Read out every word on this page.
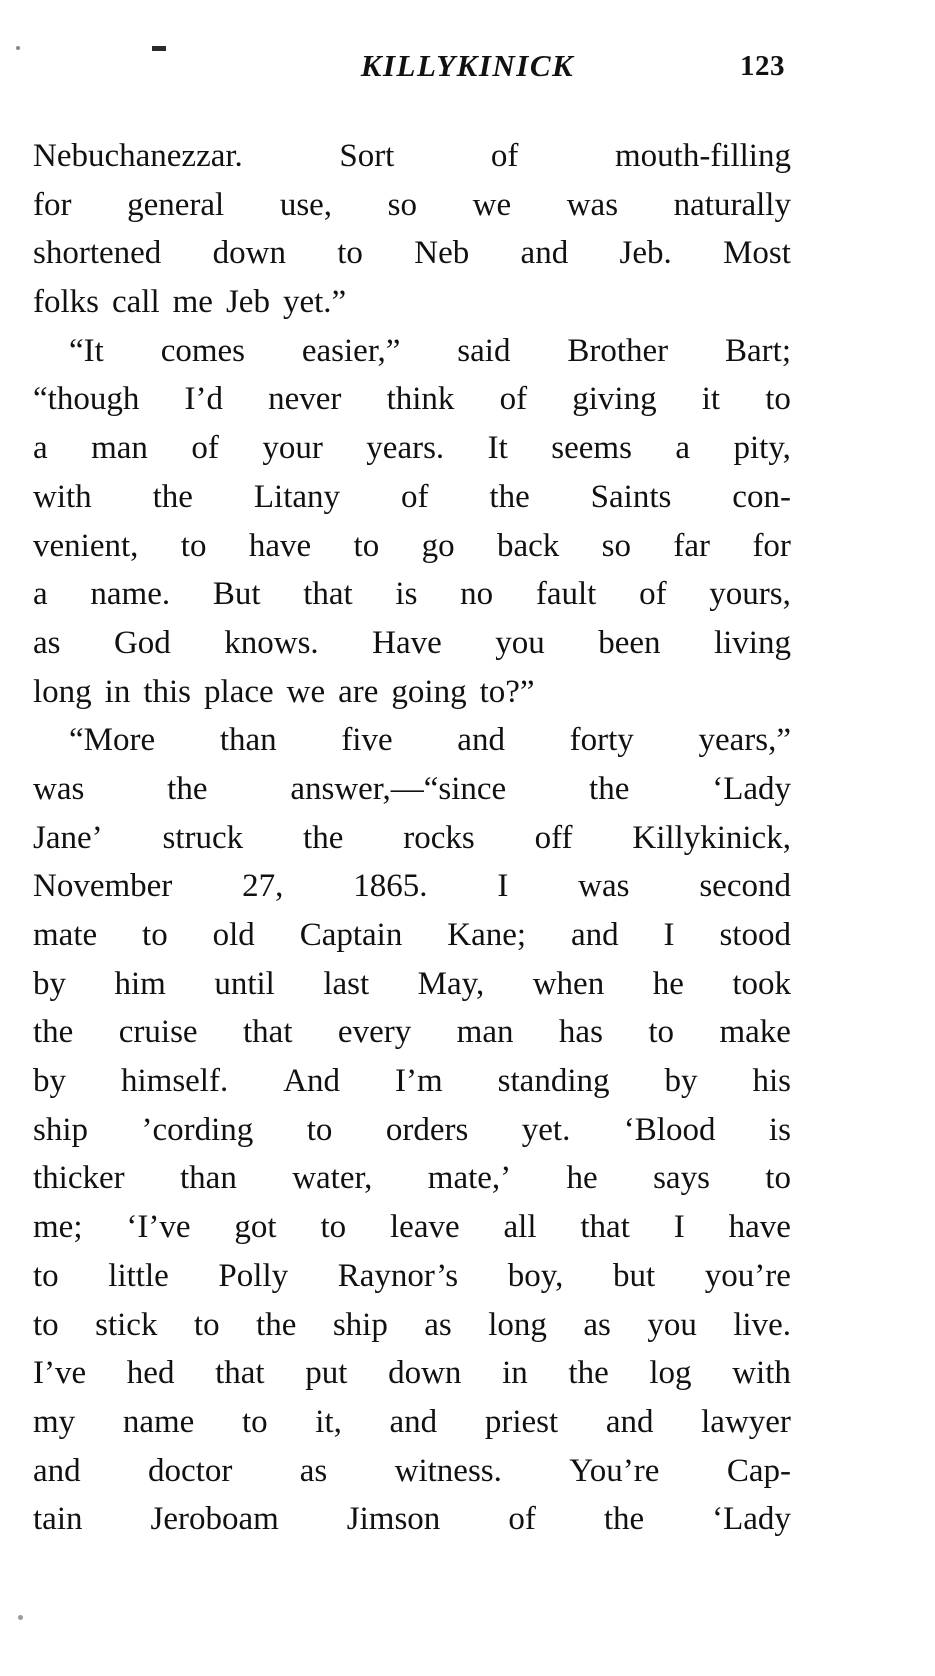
KILLYKINICK	123
Nebuchanezzar.	Sort	of	mouth-filling
for general use, so we was naturally
shortened down to Neb and Jeb. Most
folks call me Jeb yet.”
“It comes easier,” said Brother Bart;
“though I’d never think of giving it to
a man of your years. It seems a pity,
with the Litany of the Saints con-
venient, to have to go back so far for
a name. But that is no fault of yours,
as God knows. Have you been living
long in this place we are going to?”
“More than five and forty years,”
was	the	answer,—“since	the	‘Lady
Jane’ struck the rocks off Killykinick,
November 27, 1865. I was second
mate to old Captain Kane; and I stood
by him until last May, when he took
the cruise that every man has to make
by himself. And I’m standing by his
ship ’cording to orders yet. ‘Blood is
thicker than water, mate,’ he says to
me; ‘I’ve got to leave all that I have
to little Polly Raynor’s boy, but you’re
to stick to the ship as long as you live.
I’ve hed that put down in the log with
my name to it, and priest and lawyer
and doctor as witness. You’re Cap-
tain Jeroboam Jimson of the ‘Lady
